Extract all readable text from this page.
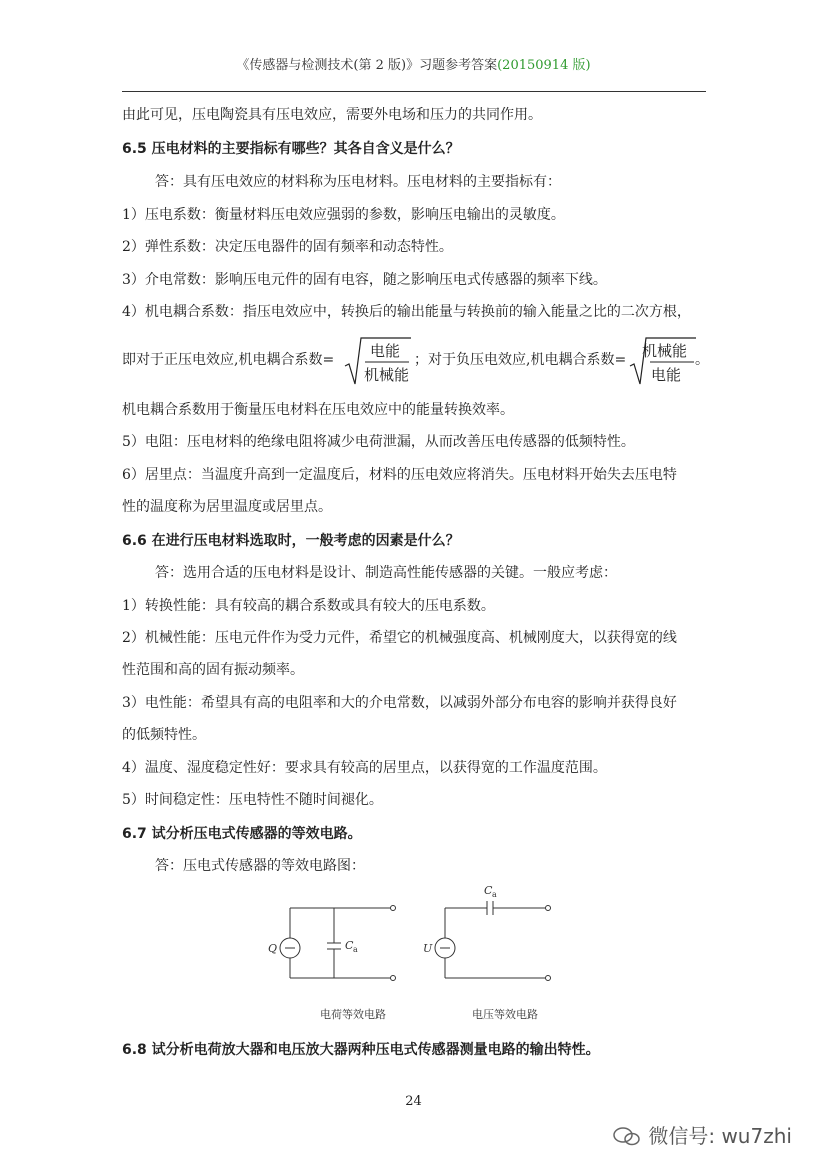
《传感器与检测技术(第 2 版)》习题参考答案(20150914 版)
由此可见，压电陶瓷具有压电效应，需要外电场和压力的共同作用。
6.5 压电材料的主要指标有哪些？其各自含义是什么？
答：具有压电效应的材料称为压电材料。压电材料的主要指标有：
1）压电系数：衡量材料压电效应强弱的参数，影响压电输出的灵敏度。
2）弹性系数：决定压电器件的固有频率和动态特性。
3）介电常数：影响压电元件的固有电容，随之影响压电式传感器的频率下线。
4）机电耦合系数：指压电效应中，转换后的输出能量与转换前的输入能量之比的二次方根，
即对于正压电效应,机电耦合系数= 电能
机械能
；对于负压电效应,机电耦合系数= 机械能
电能
。
机电耦合系数用于衡量压电材料在压电效应中的能量转换效率。
5）电阻：压电材料的绝缘电阻将减少电荷泄漏，从而改善压电传感器的低频特性。
6）居里点：当温度升高到一定温度后，材料的压电效应将消失。压电材料开始失去压电特
性的温度称为居里温度或居里点。
6.6 在进行压电材料选取时，一般考虑的因素是什么？
答：选用合适的压电材料是设计、制造高性能传感器的关键。一般应考虑：
1）转换性能：具有较高的耦合系数或具有较大的压电系数。
2）机械性能：压电元件作为受力元件，希望它的机械强度高、机械刚度大，以获得宽的线
性范围和高的固有振动频率。
3）电性能：希望具有高的电阻率和大的介电常数，以减弱外部分布电容的影响并获得良好
的低频特性。
4）温度、湿度稳定性好：要求具有较高的居里点，以获得宽的工作温度范围。
5）时间稳定性：压电特性不随时间褪化。
6.7 试分析压电式传感器的等效电路。
答：压电式传感器的等效电路图：
Q	C a
电荷等效电路
U
C a
电压等效电路
6.8 试分析电荷放大器和电压放大器两种压电式传感器测量电路的输出特性。
24
微信号: wu7zhi
